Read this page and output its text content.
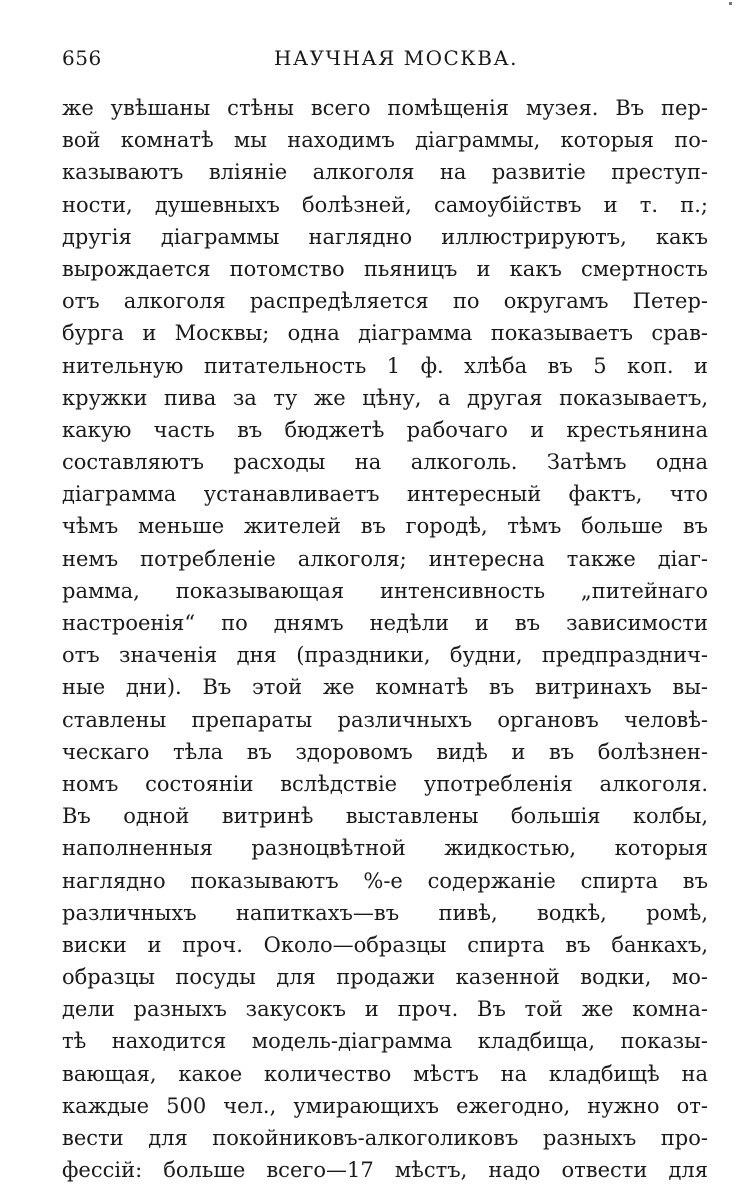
656	НАУЧНАЯ МОСКВА.
же увѣшаны стѣны всего помѣщенія музея. Въ пер-
вой комнатѣ мы находимъ діаграммы, которыя по-
казываютъ вліяніе алкоголя на развитіе преступ-
ности, душевныхъ болѣзней, самоубійствъ и т. п.;
другія діаграммы наглядно иллюстрируютъ, какъ
вырождается потомство пьяницъ и какъ смертность
отъ алкоголя распредѣляется по округамъ Петер-
бурга и Москвы; одна діаграмма показываетъ срав-
нительную питательность 1 ф. хлѣба въ 5 коп. и
кружки пива за ту же цѣну, а другая показываетъ,
какую часть въ бюджетѣ рабочаго и крестьянина
составляютъ расходы на алкоголь. Затѣмъ одна
діаграмма устанавливаетъ интересный фактъ, что
чѣмъ меньше жителей въ городѣ, тѣмъ больше въ
немъ потребленіе алкоголя; интересна также діаг-
рамма, показывающая интенсивность „питейнаго
настроенія“ по днямъ недѣли и въ зависимости
отъ значенія дня (праздники, будни, предпразднич-
ные дни). Въ этой же комнатѣ въ витринахъ вы-
ставлены препараты различныхъ органовъ человѣ-
ческаго тѣла въ здоровомъ видѣ и въ болѣзнен-
номъ состояніи вслѣдствіе употребленія алкоголя.
Въ одной витринѣ выставлены большія колбы,
наполненныя разноцвѣтной жидкостью, которыя
наглядно показываютъ %-е содержаніе спирта въ
различныхъ напиткахъ—въ пивѣ, водкѣ, ромѣ,
виски и проч. Около—образцы спирта въ банкахъ,
образцы посуды для продажи казенной водки, мо-
дели разныхъ закусокъ и проч. Въ той же комна-
тѣ находится модель-діаграмма кладбища, показы-
вающая, какое количество мѣстъ на кладбищѣ на
каждые 500 чел., умирающихъ ежегодно, нужно от-
вести для покойниковъ-алкоголиковъ разныхъ про-
фессій: больше всего—17 мѣстъ, надо отвести для
